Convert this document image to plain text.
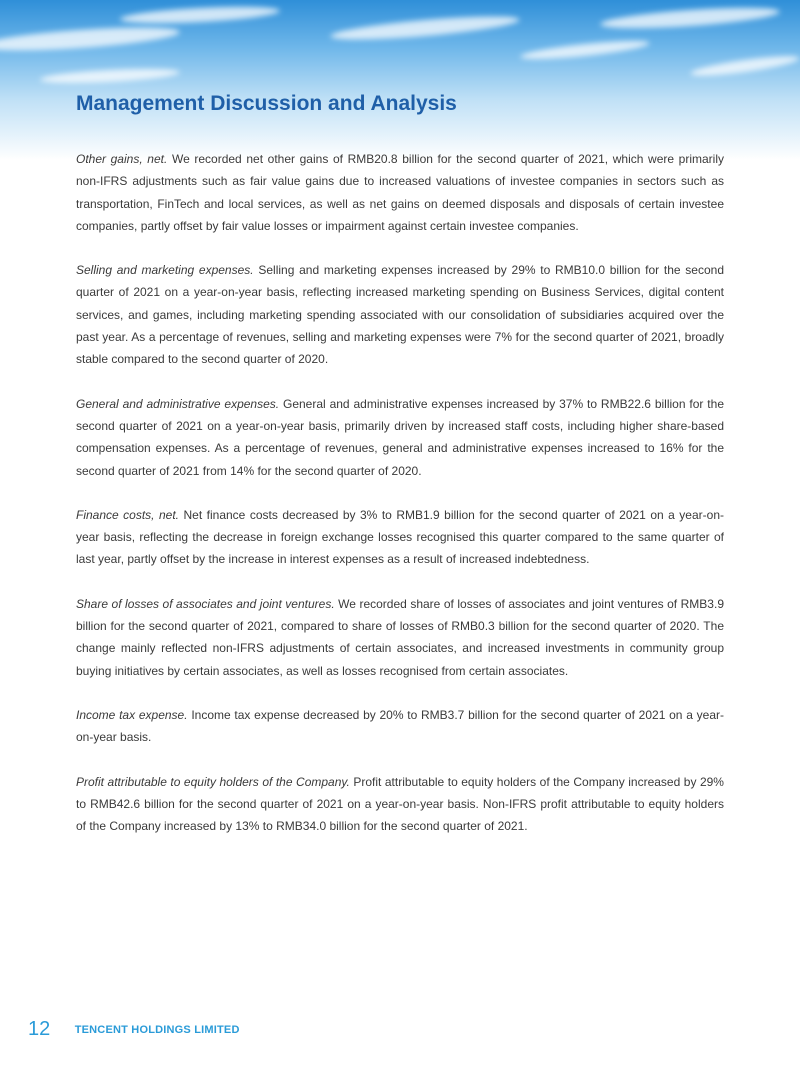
Management Discussion and Analysis

Other gains, net. We recorded net other gains of RMB20.8 billion for the second quarter of 2021, which were primarily non-IFRS adjustments such as fair value gains due to increased valuations of investee companies in sectors such as transportation, FinTech and local services, as well as net gains on deemed disposals and disposals of certain investee companies, partly offset by fair value losses or impairment against certain investee companies.

Selling and marketing expenses. Selling and marketing expenses increased by 29% to RMB10.0 billion for the second quarter of 2021 on a year-on-year basis, reflecting increased marketing spending on Business Services, digital content services, and games, including marketing spending associated with our consolidation of subsidiaries acquired over the past year. As a percentage of revenues, selling and marketing expenses were 7% for the second quarter of 2021, broadly stable compared to the second quarter of 2020.

General and administrative expenses. General and administrative expenses increased by 37% to RMB22.6 billion for the second quarter of 2021 on a year-on-year basis, primarily driven by increased staff costs, including higher share-based compensation expenses. As a percentage of revenues, general and administrative expenses increased to 16% for the second quarter of 2021 from 14% for the second quarter of 2020.

Finance costs, net. Net finance costs decreased by 3% to RMB1.9 billion for the second quarter of 2021 on a year-on-year basis, reflecting the decrease in foreign exchange losses recognised this quarter compared to the same quarter of last year, partly offset by the increase in interest expenses as a result of increased indebtedness.

Share of losses of associates and joint ventures. We recorded share of losses of associates and joint ventures of RMB3.9 billion for the second quarter of 2021, compared to share of losses of RMB0.3 billion for the second quarter of 2020. The change mainly reflected non-IFRS adjustments of certain associates, and increased investments in community group buying initiatives by certain associates, as well as losses recognised from certain associates.

Income tax expense. Income tax expense decreased by 20% to RMB3.7 billion for the second quarter of 2021 on a year-on-year basis.

Profit attributable to equity holders of the Company. Profit attributable to equity holders of the Company increased by 29% to RMB42.6 billion for the second quarter of 2021 on a year-on-year basis. Non-IFRS profit attributable to equity holders of the Company increased by 13% to RMB34.0 billion for the second quarter of 2021.

12 TENCENT HOLDINGS LIMITED
